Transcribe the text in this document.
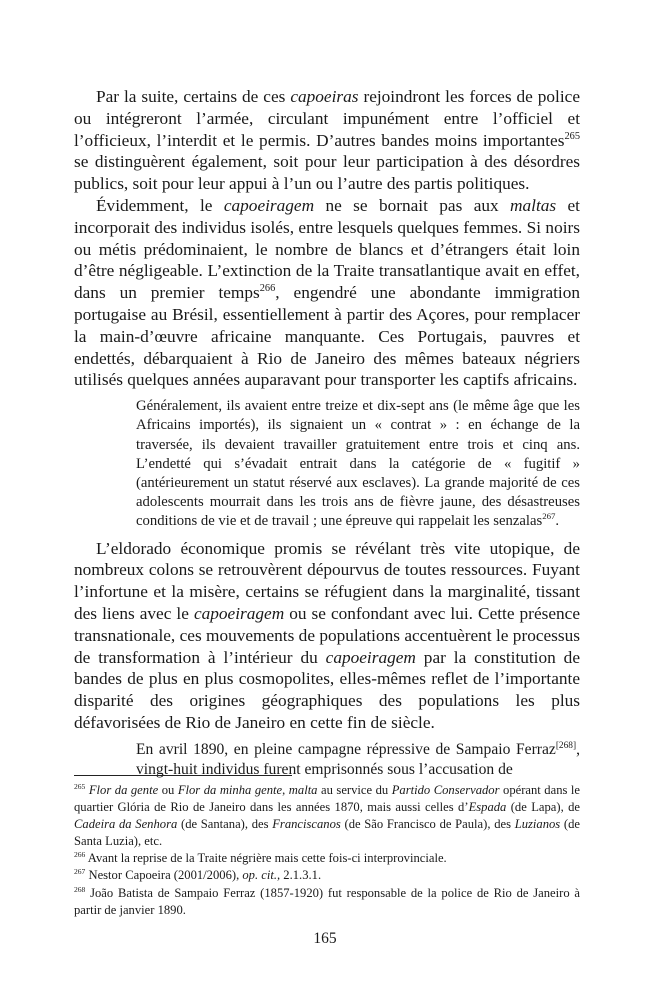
Par la suite, certains de ces capoeiras rejoindront les forces de police ou intégreront l’armée, circulant impunément entre l’officiel et l’officieux, l’interdit et le permis. D’autres bandes moins importantes$^{265}$ se distinguèrent également, soit pour leur participation à des désordres publics, soit pour leur appui à l’un ou l’autre des partis politiques.

Évidemment, le capoeiragem ne se bornait pas aux maltas et incorporait des individus isolés, entre lesquels quelques femmes. Si noirs ou métis prédominaient, le nombre de blancs et d’étrangers était loin d’être négligeable. L’extinction de la Traite transatlantique avait en effet, dans un premier temps$^{266}$, engendré une abondante immigration portugaise au Brésil, essentiellement à partir des Açores, pour remplacer la main-d’œuvre africaine manquante. Ces Portugais, pauvres et endettés, débarquaient à Rio de Janeiro des mêmes bateaux négriers utilisés quelques années auparavant pour transporter les captifs africains.

Généralement, ils avaient entre treize et dix-sept ans (le même âge que les Africains importés), ils signaient un « contrat » : en échange de la traversée, ils devaient travailler gratuitement entre trois et cinq ans. L’endetté qui s’évadait entrait dans la catégorie de « fugitif » (antérieurement un statut réservé aux esclaves). La grande majorité de ces adolescents mourrait dans les trois ans de fièvre jaune, des désastreuses conditions de vie et de travail ; une épreuve qui rappelait les senzalas$^{267}$.

L’eldorado économique promis se révélant très vite utopique, de nombreux colons se retrouvèrent dépourvus de toutes ressources. Fuyant l’infortune et la misère, certains se réfugient dans la marginalité, tissant des liens avec le capoeiragem ou se confondant avec lui. Cette présence transnationale, ces mouvements de populations accentuèrent le processus de transformation à l’intérieur du capoeiragem par la constitution de bandes de plus en plus cosmopolites, elles-mêmes reflet de l’importante disparité des origines géographiques des populations les plus défavorisées de Rio de Janeiro en cette fin de siècle.

En avril 1890, en pleine campagne répressive de Sampaio Ferraz[268], vingt-huit individus furent emprisonnés sous l’accusation de

$^{265}$ Flor da gente ou Flor da minha gente, malta au service du Partido Conservador opérant dans le quartier Glória de Rio de Janeiro dans les années 1870, mais aussi celles d’Espada (de Lapa), de Cadeira da Senhora (de Santana), des Franciscanos (de São Francisco de Paula), des Luzianos (de Santa Luzia), etc.

$^{266}$ Avant la reprise de la Traite négrière mais cette fois-ci interprovinciale.

$^{267}$ Nestor Capoeira (2001/2006), op. cit., 2.1.3.1.

$^{268}$ João Batista de Sampaio Ferraz (1857-1920) fut responsable de la police de Rio de Janeiro à partir de janvier 1890.

165
